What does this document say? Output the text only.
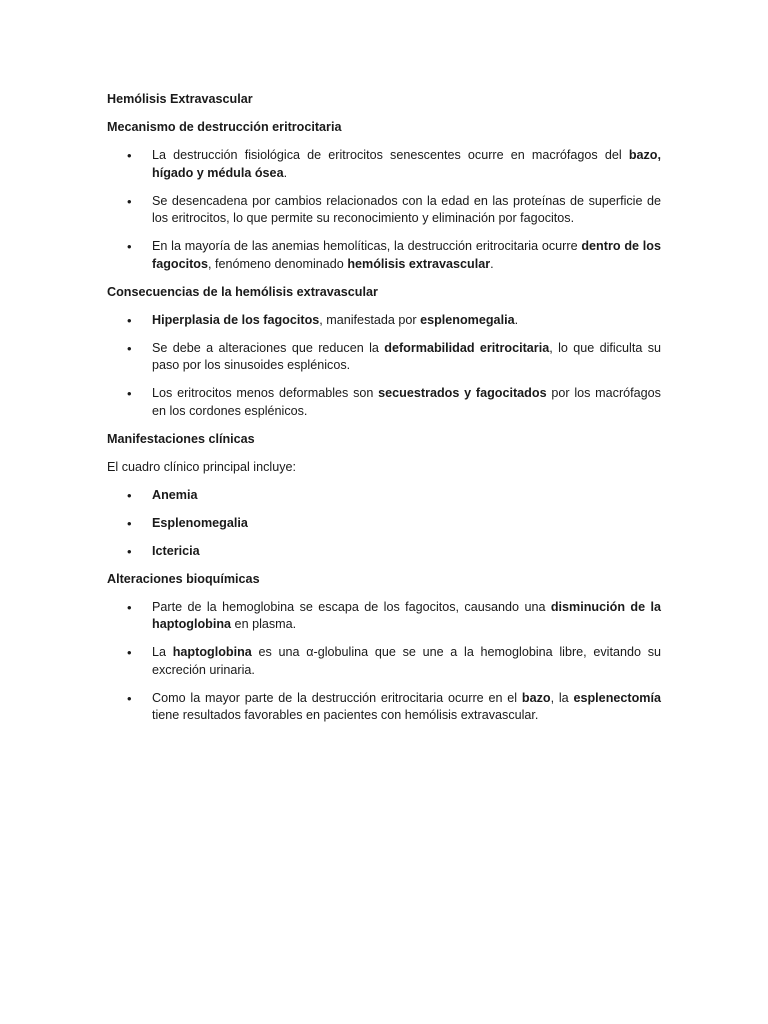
Hemólisis Extravascular
Mecanismo de destrucción eritrocitaria
• La destrucción fisiológica de eritrocitos senescentes ocurre en macrófagos del bazo, hígado y médula ósea.
• Se desencadena por cambios relacionados con la edad en las proteínas de superficie de los eritrocitos, lo que permite su reconocimiento y eliminación por fagocitos.
• En la mayoría de las anemias hemolíticas, la destrucción eritrocitaria ocurre dentro de los fagocitos, fenómeno denominado hemólisis extravascular.
Consecuencias de la hemólisis extravascular
• Hiperplasia de los fagocitos, manifestada por esplenomegalia.
• Se debe a alteraciones que reducen la deformabilidad eritrocitaria, lo que dificulta su paso por los sinusoides esplénicos.
• Los eritrocitos menos deformables son secuestrados y fagocitados por los macrófagos en los cordones esplénicos.
Manifestaciones clínicas
El cuadro clínico principal incluye:
• Anemia
• Esplenomegalia
• Ictericia
Alteraciones bioquímicas
• Parte de la hemoglobina se escapa de los fagocitos, causando una disminución de la haptoglobina en plasma.
• La haptoglobina es una α-globulina que se une a la hemoglobina libre, evitando su excreción urinaria.
• Como la mayor parte de la destrucción eritrocitaria ocurre en el bazo, la esplenectomía tiene resultados favorables en pacientes con hemólisis extravascular.
